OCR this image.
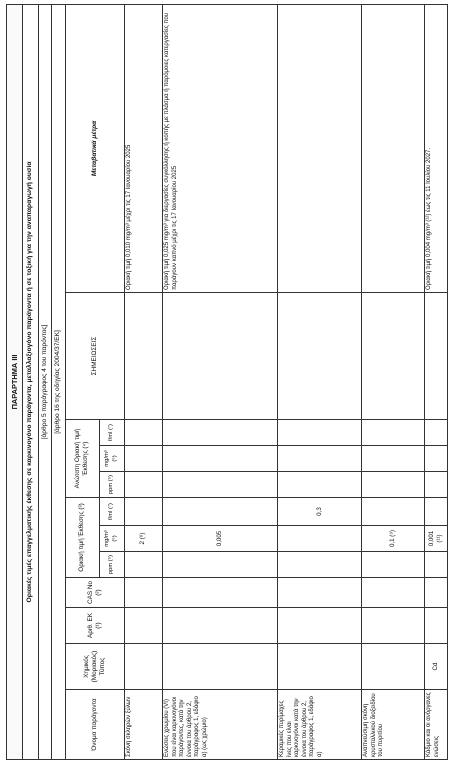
ΠΑΡΑΡΤΗΜΑ III											
Οριακές τιμές επαγγελματικής έκθεσης σε καρκινογόνο παράγοντα, μεταλλαξιογόνο παράγοντα ή σε τοξική για την αναπαραγωγή ουσία											
[άρθρο 5 παράγραφος 4 του παρόντος]											
[άρθρο 16 της οδηγίας 2004/37/ΕΚ]											
Όνομα παράγοντα	Χημικός (Μοριακός) Τύπος	Αριθ. ΕΚ (¹)	CAS No (²)	Οριακή τιμή Έκθεσης (³)			Ανώτατη Οριακή τιμή Έκθεσης (⁴)			ΣΗΜΕΙΩΣΕΙΣ	Μεταβατικά μέτρα
				ppm (⁵)	mg/m³ (⁶)	f/ml (⁷)	ppm (⁵)	mg/m³ (⁶)	f/ml (⁷)		
Σκόνη σκληρών ξύλων					2 (⁸)						Οριακή τιμή 0,010 mg/m³ μέχρι τις 17 Ιανουαρίου 2025
Ενώσεις χρωμίου (VI) που είναι καρκινογόνοι παράγοντες, κατά την έννοια του άρθρου 2, παράγραφος 1, εδάφιο α) (ως χρώμιο)					0,005						Οριακή τιμή 0,025 mg/m³ για διεργασίες συγκόλλησης ή κοπής με πλάσμα ή παρόμοιες κατεργασίες που παράγουν καπνό μέχρι τις 17 Ιανουαρίου 2025
Κεραμικές πυρίμαχες ίνες που είναι καρκινογόνοι κατά την έννοια του άρθρου 2, παράγραφος 1, εδάφιο α)						0,3					
Αναπνεύσιμη σκόνη κρυσταλλικού διοξειδίου του πυριτίου					0,1 (⁹)						
Κάδμιο και οι ανόργανες ενώσεις	Cd				0,001 (¹¹)						Οριακή τιμή 0,004 mg/m³ (¹²) έως τις 11 Ιουλίου 2027.
